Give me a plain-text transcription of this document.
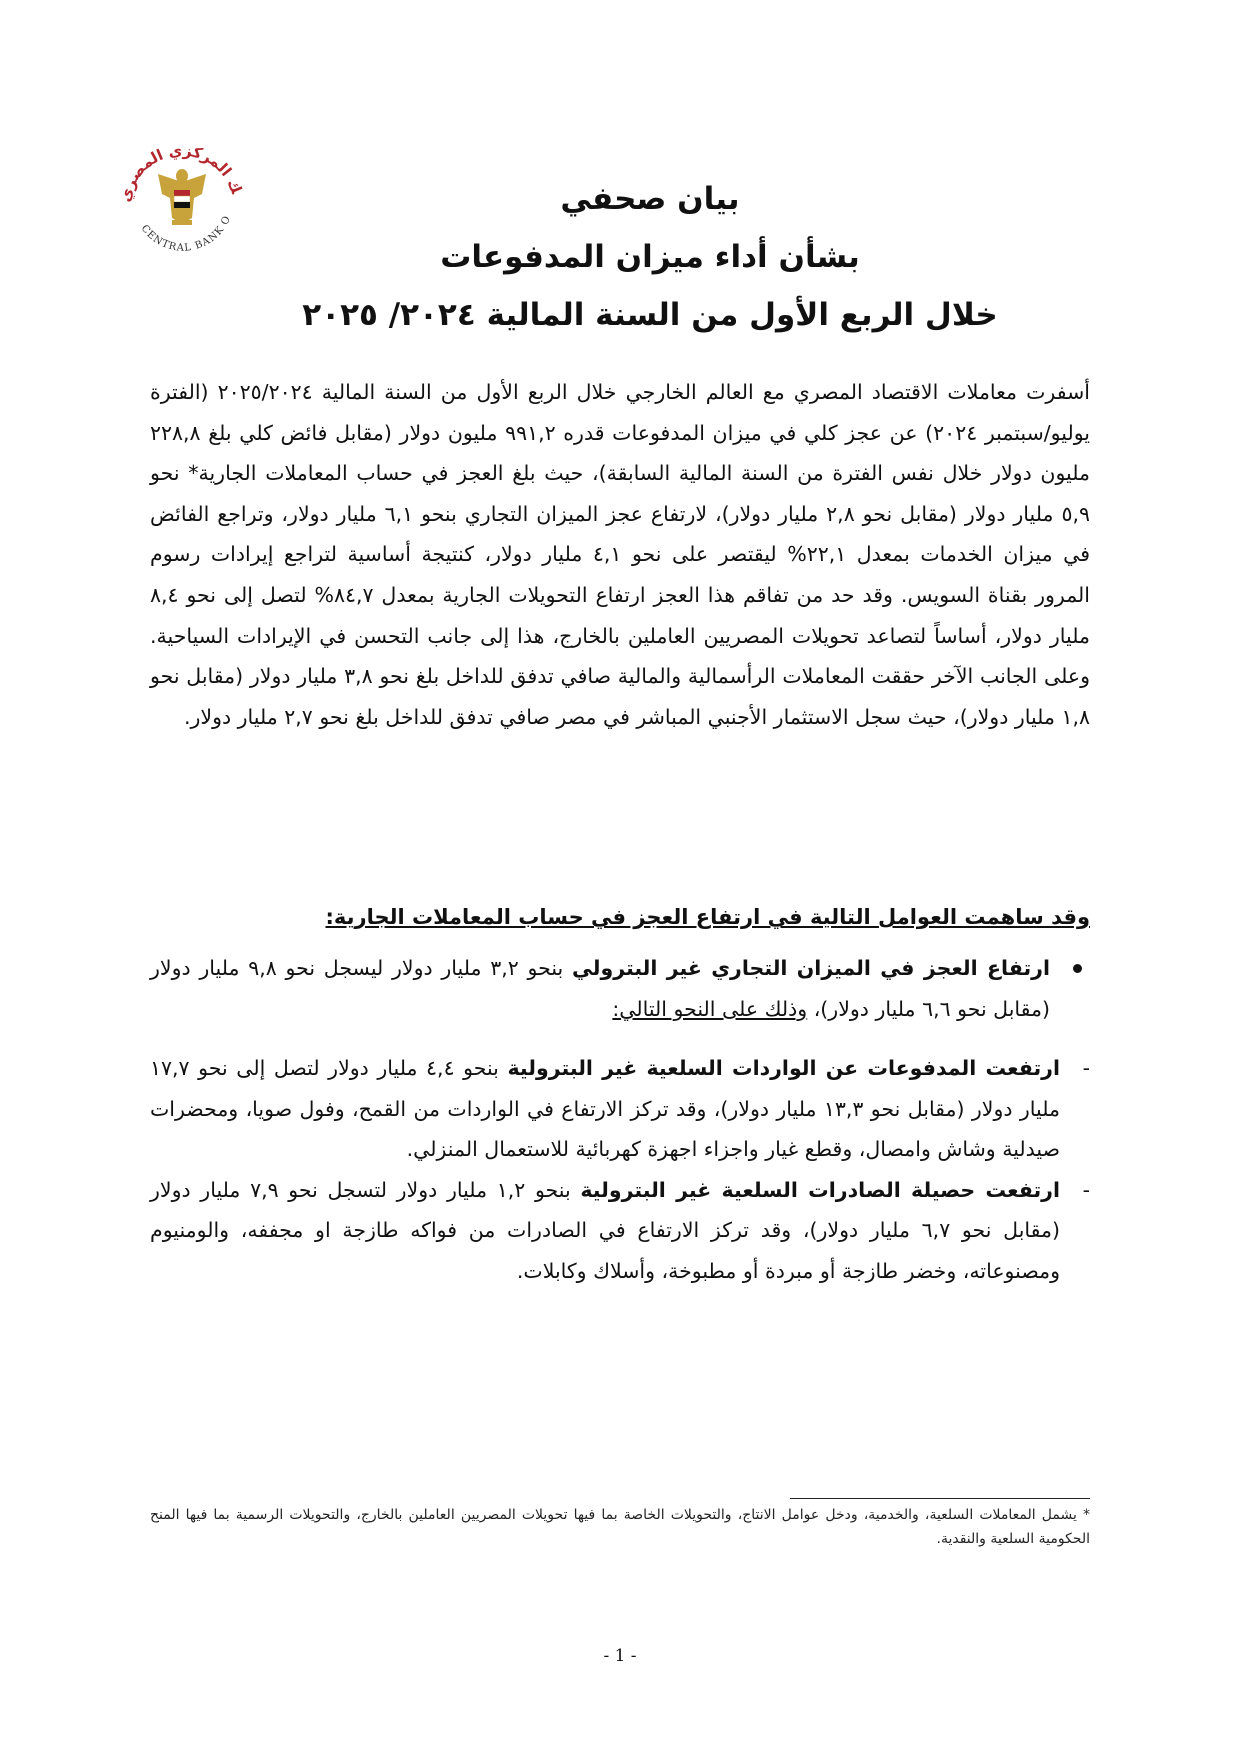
ك المركزي المصري
CENTRAL BANK O

بيان صحفي

بشأن أداء ميزان المدفوعات

خلال الربع الأول من السنة المالية ٢٠٢٤/ ٢٠٢٥

أسفرت معاملات الاقتصاد المصري مع العالم الخارجي خلال الربع الأول من السنة المالية ٢٠٢٥/٢٠٢٤ (الفترة يوليو/سبتمبر ٢٠٢٤) عن عجز كلي في ميزان المدفوعات قدره ٩٩١,٢ مليون دولار (مقابل فائض كلي بلغ ٢٢٨,٨ مليون دولار خلال نفس الفترة من السنة المالية السابقة)، حيث بلغ العجز في حساب المعاملات الجارية* نحو ٥,٩ مليار دولار (مقابل نحو ٢,٨ مليار دولار)، لارتفاع عجز الميزان التجاري بنحو ٦,١ مليار دولار، وتراجع الفائض في ميزان الخدمات بمعدل ٢٢,١% ليقتصر على نحو ٤,١ مليار دولار، كنتيجة أساسية لتراجع إيرادات رسوم المرور بقناة السويس. وقد حد من تفاقم هذا العجز ارتفاع التحويلات الجارية بمعدل ٨٤,٧% لتصل إلى نحو ٨,٤ مليار دولار، أساساً لتصاعد تحويلات المصريين العاملين بالخارج، هذا إلى جانب التحسن في الإيرادات السياحية. وعلى الجانب الآخر حققت المعاملات الرأسمالية والمالية صافي تدفق للداخل بلغ نحو ٣,٨ مليار دولار (مقابل نحو ١,٨ مليار دولار)، حيث سجل الاستثمار الأجنبي المباشر في مصر صافي تدفق للداخل بلغ نحو ٢,٧ مليار دولار.

وقد ساهمت العوامل التالية في ارتفاع العجز في حساب المعاملات الجارية:
ارتفاع العجز في الميزان التجاري غير البترولي بنحو ٣,٢ مليار دولار ليسجل نحو ٩,٨ مليار دولار (مقابل نحو ٦,٦ مليار دولار)، وذلك على النحو التالي:
-
ارتفعت المدفوعات عن الواردات السلعية غير البترولية بنحو ٤,٤ مليار دولار لتصل إلى نحو ١٧,٧ مليار دولار (مقابل نحو ١٣,٣ مليار دولار)، وقد تركز الارتفاع في الواردات من القمح، وفول صويا، ومحضرات صيدلية وشاش وامصال، وقطع غيار واجزاء اجهزة كهربائية للاستعمال المنزلي.
-
ارتفعت حصيلة الصادرات السلعية غير البترولية بنحو ١,٢ مليار دولار لتسجل نحو ٧,٩ مليار دولار (مقابل نحو ٦,٧ مليار دولار)، وقد تركز الارتفاع في الصادرات من فواكه طازجة او مجففه، والومنيوم ومصنوعاته، وخضر طازجة أو مبردة أو مطبوخة، وأسلاك وكابلات.
* يشمل المعاملات السلعية، والخدمية، ودخل عوامل الانتاج، والتحويلات الخاصة بما فيها تحويلات المصريين العاملين بالخارج، والتحويلات الرسمية بما فيها المنح الحكومية السلعية والنقدية.
- 1 -
